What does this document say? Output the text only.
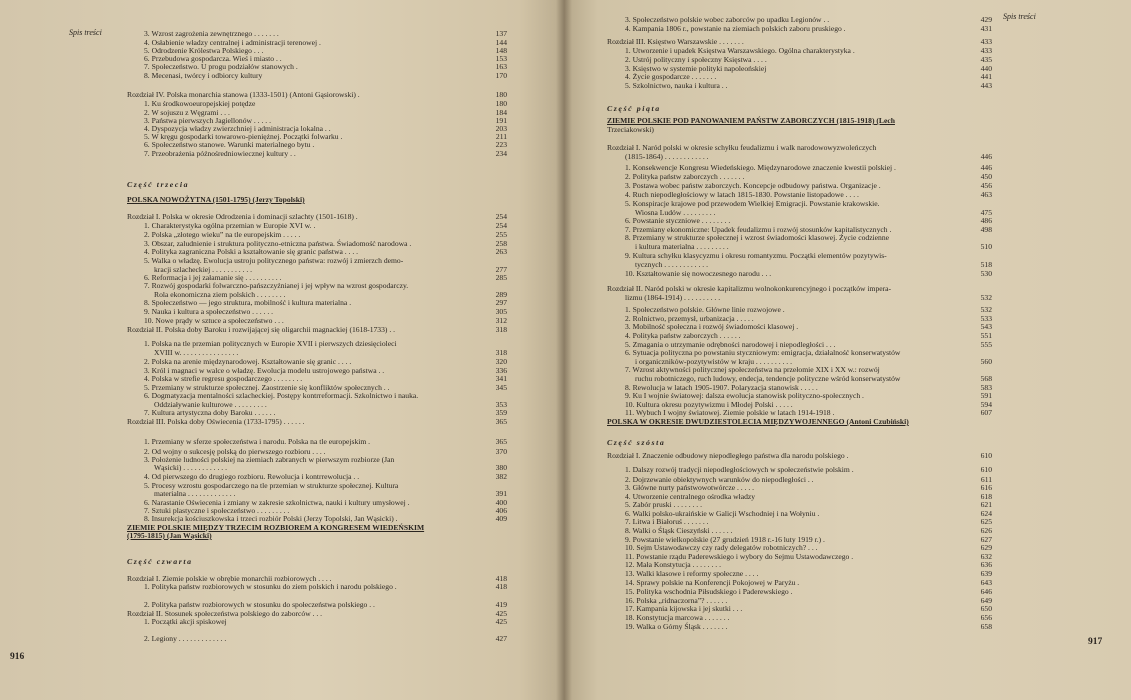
Spis treści
916
3. Wzrost zagrożenia zewnętrznego . . . . . . .	137
4. Osłabienie władzy centralnej i administracji terenowej .	144
5. Odrodzenie Królestwa Polskiego . . .	148
6. Przebudowa gospodarcza. Wieś i miasto . .	153
7. Społeczeństwo. U progu podziałów stanowych .	163
8. Mecenasi, twórcy i odbiorcy kultury	170
Rozdział IV. Polska monarchia stanowa (1333-1501) (Antoni Gąsiorowski) .	180
1. Ku środkowoeuropejskiej potędze	180
2. W sojuszu z Węgrami . . .	184
3. Państwa pierwszych Jagiellonów . . . . .	191
4. Dyspozycja władzy zwierzchniej i administracja lokalna . .	203
5. W kręgu gospodarki towarowo-pieniężnej. Początki folwarku .	211
6. Społeczeństwo stanowe. Warunki materialnego bytu .	223
7. Przeobrażenia późnośredniowiecznej kultury . .	234
POLSKA NOWOŻYTNA (1501-1795) (Jerzy Topolski)
Rozdział I. Polska w okresie Odrodzenia i dominacji szlachty (1501-1618) .	254
1. Charakterystyka ogólna przemian w Europie XVI w. .	254
2. Polska „złotego wieku” na tle europejskim . . . . .	255
3. Obszar, zaludnienie i struktura polityczno-etniczna państwa. Świadomość narodowa .	258
4. Polityka zagraniczna Polski a kształtowanie się granic państwa . . . .	263
5. Walka o władzę. Ewolucja ustroju politycznego państwa: rozwój i zmierzch demo-
kracji szlacheckiej . . . . . . . . . . .	277
6. Reformacja i jej załamanie się . . . . . . . . . .	285
7. Rozwój gospodarki folwarczno-pańszczyźnianej i jej wpływ na wzrost gospodarczy.
Rola ekonomiczna ziem polskich . . . . . . . .	289
8. Społeczeństwo — jego struktura, mobilność i kultura materialna .	297
9. Nauka i kultura a społeczeństwo . . . . . .	305
10. Nowe prądy w sztuce a społeczeństwo . . .	312
Rozdział II. Polska doby Baroku i rozwijającej się oligarchii magnackiej (1618-1733) . .	318
1. Polska na tle przemian politycznych w Europie XVII i pierwszych dziesięcioleci
XVIII w. . . . . . . . . . . . . . . .	318
2. Polska na arenie międzynarodowej. Kształtowanie się granic . . . .	320
3. Król i magnaci w walce o władzę. Ewolucja modelu ustrojowego państwa . .	336
4. Polska w strefie regresu gospodarczego . . . . . . . .	341
5. Przemiany w strukturze społecznej. Zaostrzenie się konfliktów społecznych . .	345
6. Dogmatyzacja mentalności szlacheckiej. Postępy kontrreformacji. Szkolnictwo i nauka.
Oddziaływanie kulturowe . . . . . . . . .	353
7. Kultura artystyczna doby Baroku . . . . . .	359
Rozdział III. Polska doby Oświecenia (1733-1795) . . . . . .	365
1. Przemiany w sferze społeczeństwa i narodu. Polska na tle europejskim .	365
2. Od wojny o sukcesję polską do pierwszego rozbioru . . . .	370
3. Położenie ludności polskiej na ziemiach zabranych w pierwszym rozbiorze (Jan
Wąsicki) . . . . . . . . . . . .	380
4. Od pierwszego do drugiego rozbioru. Rewolucja i kontrrewolucja . .	382
5. Procesy wzrostu gospodarczego na tle przemian w strukturze społecznej. Kultura
materialna . . . . . . . . . . . . .	391
6. Narastanie Oświecenia i zmiany w zakresie szkolnictwa, nauki i kultury umysłowej .	400
7. Sztuki plastyczne i społeczeństwo . . . . . . . . .	406
8. Insurekcja kościuszkowska i trzeci rozbiór Polski (Jerzy Topolski, Jan Wąsicki) .	409
ZIEMIE POLSKIE MIĘDZY TRZECIM ROZBIOREM A KONGRESEM WIEDEŃSKIM
(1795-1815) (Jan Wąsicki)
Rozdział I. Ziemie polskie w obrębie monarchii rozbiorowych . . . .	418
1. Polityka państw rozbiorowych w stosunku do ziem polskich i narodu polskiego .	418
2. Polityka państw rozbiorowych w stosunku do społeczeństwa polskiego . .	419
Rozdział II. Stosunek społeczeństwa polskiego do zaborców . . .	425
1. Początki akcji spiskowej	425
2. Legiony . . . . . . . . . . . . .	427
Część trzecia
Część czwarta
Spis treści
917
3. Społeczeństwo polskie wobec zaborców po upadku Legionów . .	429
4. Kampania 1806 r., powstanie na ziemiach polskich zaboru pruskiego .	431
Rozdział III. Księstwo Warszawskie . . . . . . .	433
1. Utworzenie i upadek Księstwa Warszawskiego. Ogólna charakterystyka .	433
2. Ustrój polityczny i społeczny Księstwa . . . .	435
3. Księstwo w systemie polityki napoleońskiej	440
4. Życie gospodarcze . . . . . . .	441
5. Szkolnictwo, nauka i kultura . .	443
ZIEMIE POLSKIE POD PANOWANIEM PAŃSTW ZABORCZYCH (1815-1918) (Lech
Trzeciakowski)
Rozdział I. Naród polski w okresie schyłku feudalizmu i walk narodowowyzwoleńczych
(1815-1864) . . . . . . . . . . . .	446
1. Konsekwencje Kongresu Wiedeńskiego. Międzynarodowe znaczenie kwestii polskiej .	446
2. Polityka państw zaborczych . . . . . . .	450
3. Postawa wobec państw zaborczych. Koncepcje odbudowy państwa. Organizacje .	456
4. Ruch niepodległościowy w latach 1815-1830. Powstanie listopadowe . . . .	463
5. Konspiracje krajowe pod przewodem Wielkiej Emigracji. Powstanie krakowskie.
Wiosna Ludów . . . . . . . . .	475
6. Powstanie styczniowe . . . . . . . .	486
7. Przemiany ekonomiczne: Upadek feudalizmu i rozwój stosunków kapitalistycznych .	498
8. Przemiany w strukturze społecznej i wzrost świadomości klasowej. Życie codzienne
i kultura materialna . . . . . . . . .	510
9. Kultura schyłku klasycyzmu i okresu romantyzmu. Początki elementów pozytywis-
tycznych . . . . . . . . . . . .	518
10. Kształtowanie się nowoczesnego narodu . . .	530
Rozdział II. Naród polski w okresie kapitalizmu wolnokonkurencyjnego i początków impera-
lizmu (1864-1914) . . . . . . . . . .	532
1. Społeczeństwo polskie. Główne linie rozwojowe .	532
2. Rolnictwo, przemysł, urbanizacja . . . . .	533
3. Mobilność społeczna i rozwój świadomości klasowej .	543
4. Polityka państw zaborczych . . . . . .	551
5. Zmagania o utrzymanie odrębności narodowej i niepodległości . . .	555
6. Sytuacja polityczna po powstaniu styczniowym: emigracja, działalność konserwatystów
i organicznikόw-pozytywistów w kraju . . . . . . . . . .	560
7. Wzrost aktywności politycznej społeczeństwa na przełomie XIX i XX w.: rozwój
ruchu robotniczego, ruch ludowy, endecja, tendencje polityczne wśród konserwatystów	568
8. Rewolucja w latach 1905-1907. Polaryzacja stanowisk . . . . .	583
9. Ku I wojnie światowej: dalsza ewolucja stanowisk polityczno-społecznych .	591
10. Kultura okresu pozytywizmu i Młodej Polski . . . . .	594
11. Wybuch I wojny światowej. Ziemie polskie w latach 1914-1918 .	607
POLSKA W OKRESIE DWUDZIESTOLECIA MIĘDZYWOJENNEGO (Antoni Czubiński)
Rozdział I. Znaczenie odbudowy niepodległego państwa dla narodu polskiego .	610
1. Dalszy rozwój tradycji niepodległościowych w społeczeństwie polskim .	610
2. Dojrzewanie obiektywnych warunków do niepodległości . .	611
3. Główne nurty państwowotwórcze . . . . .	616
4. Utworzenie centralnego ośrodka władzy	618
5. Zabór pruski . . . . . . . .	621
6. Walki polsko-ukraińskie w Galicji Wschodniej i na Wołyniu .	624
7. Litwa i Białoruś . . . . . . .	625
8. Walki o Śląsk Cieszyński . . . . . .	626
9. Powstanie wielkopolskie (27 grudzień 1918 r.-16 luty 1919 r.) .	627
10. Sejm Ustawodawczy czy rady delegatów robotniczych? . . .	629
11. Powstanie rządu Paderewskiego i wybory do Sejmu Ustawodawczego .	632
12. Mała Konstytucja . . . . . . . .	636
13. Walki klasowe i reformy społeczne . . . .	639
14. Sprawy polskie na Konferencji Pokojowej w Paryżu .	643
15. Polityka wschodnia Piłsudskiego i Paderewskiego .	646
16. Polska „ridnaczorna”? . . . . . .	649
17. Kampania kijowska i jej skutki . . .	650
18. Konstytucja marcowa . . . . . . .	656
19. Walka o Górny Śląsk . . . . . . .	658
Część piąta
Część szósta
